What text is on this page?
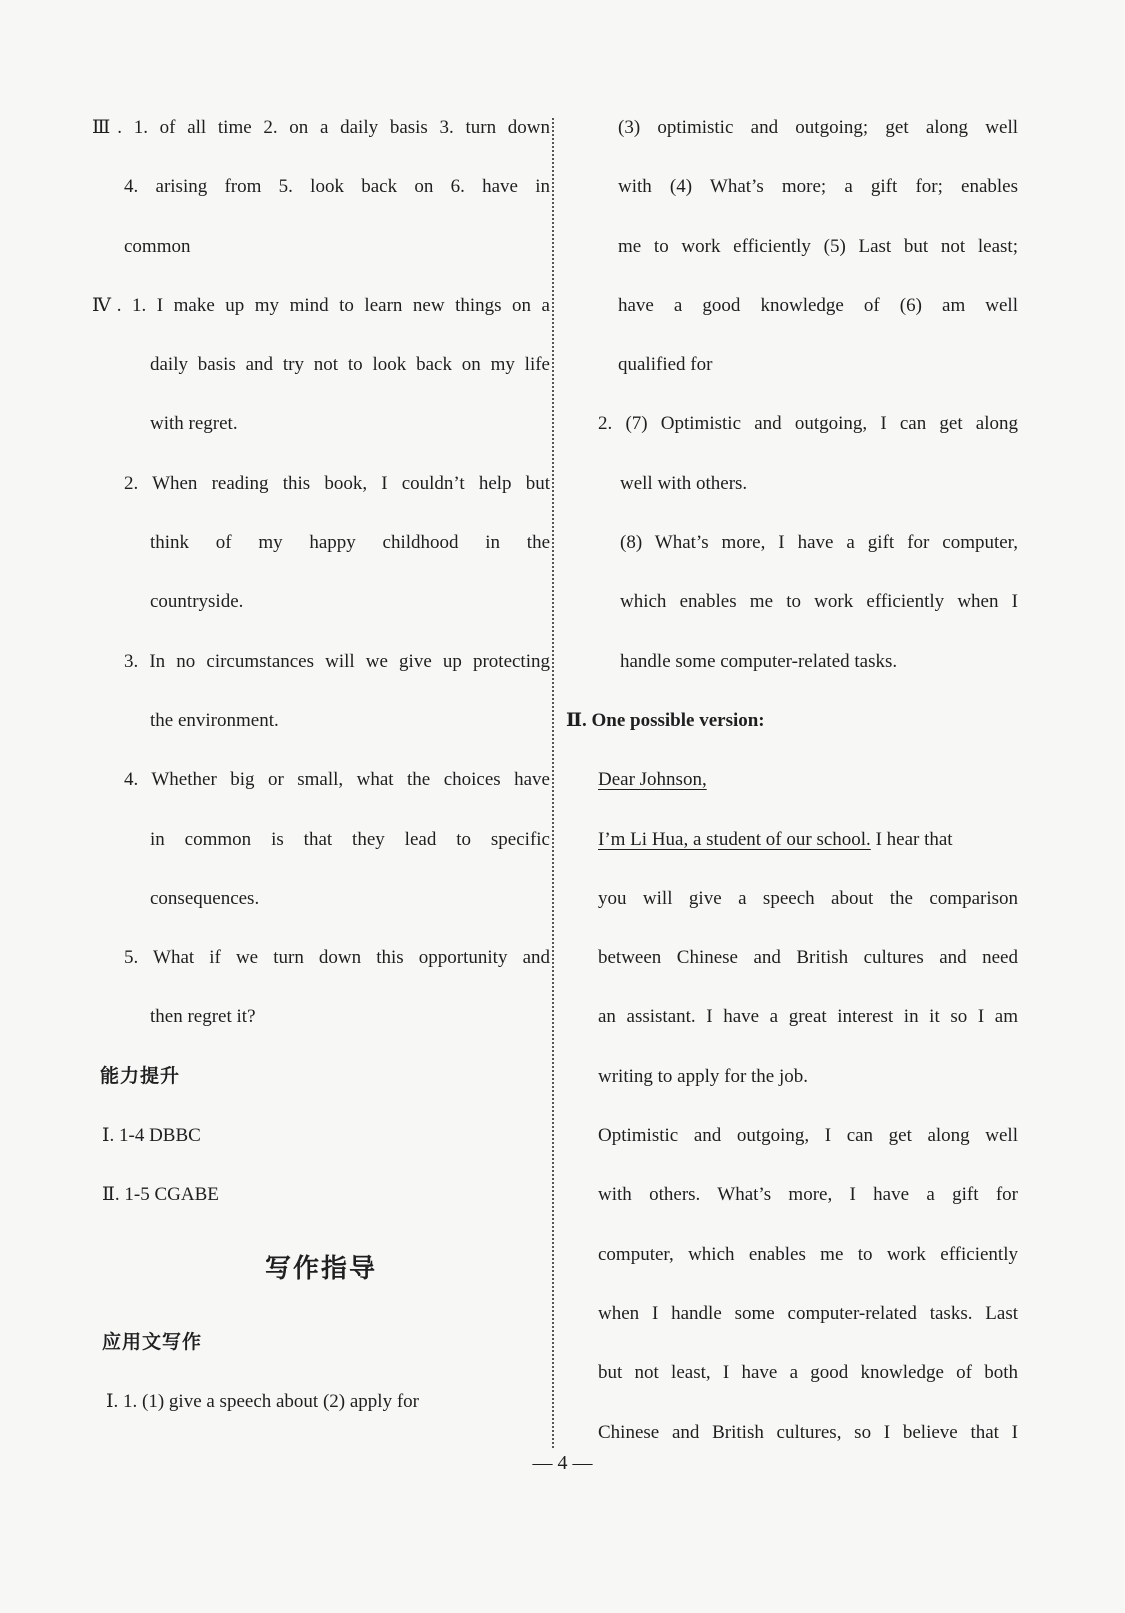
Ⅲ. 1. of all time 2. on a daily basis 3. turn down
4. arising from 5. look back on 6. have in
common
Ⅳ. 1. I make up my mind to learn new things on a
daily basis and try not to look back on my life
with regret.
2. When reading this book, I couldn’t help but
think of my happy childhood in the
countryside.
3. In no circumstances will we give up protecting
the environment.
4. Whether big or small, what the choices have
in common is that they lead to specific
consequences.
5. What if we turn down this opportunity and
then regret it?
能力提升
Ⅰ. 1-4 DBBC
Ⅱ. 1-5 CGABE
写作指导
应用文写作
Ⅰ. 1. (1) give a speech about (2) apply for
(3) optimistic and outgoing; get along well
with (4) What’s more; a gift for; enables
me to work efficiently (5) Last but not least;
have a good knowledge of (6) am well
qualified for
2. (7) Optimistic and outgoing, I can get along
well with others.
(8) What’s more, I have a gift for computer,
which enables me to work efficiently when I
handle some computer-related tasks.
Ⅱ. One possible version:
Dear Johnson,
I’m Li Hua, a student of our school. I hear that
you will give a speech about the comparison
between Chinese and British cultures and need
an assistant. I have a great interest in it so I am
writing to apply for the job.
Optimistic and outgoing, I can get along well
with others. What’s more, I have a gift for
computer, which enables me to work efficiently
when I handle some computer-related tasks. Last
but not least, I have a good knowledge of both
Chinese and British cultures, so I believe that I
— 4 —
